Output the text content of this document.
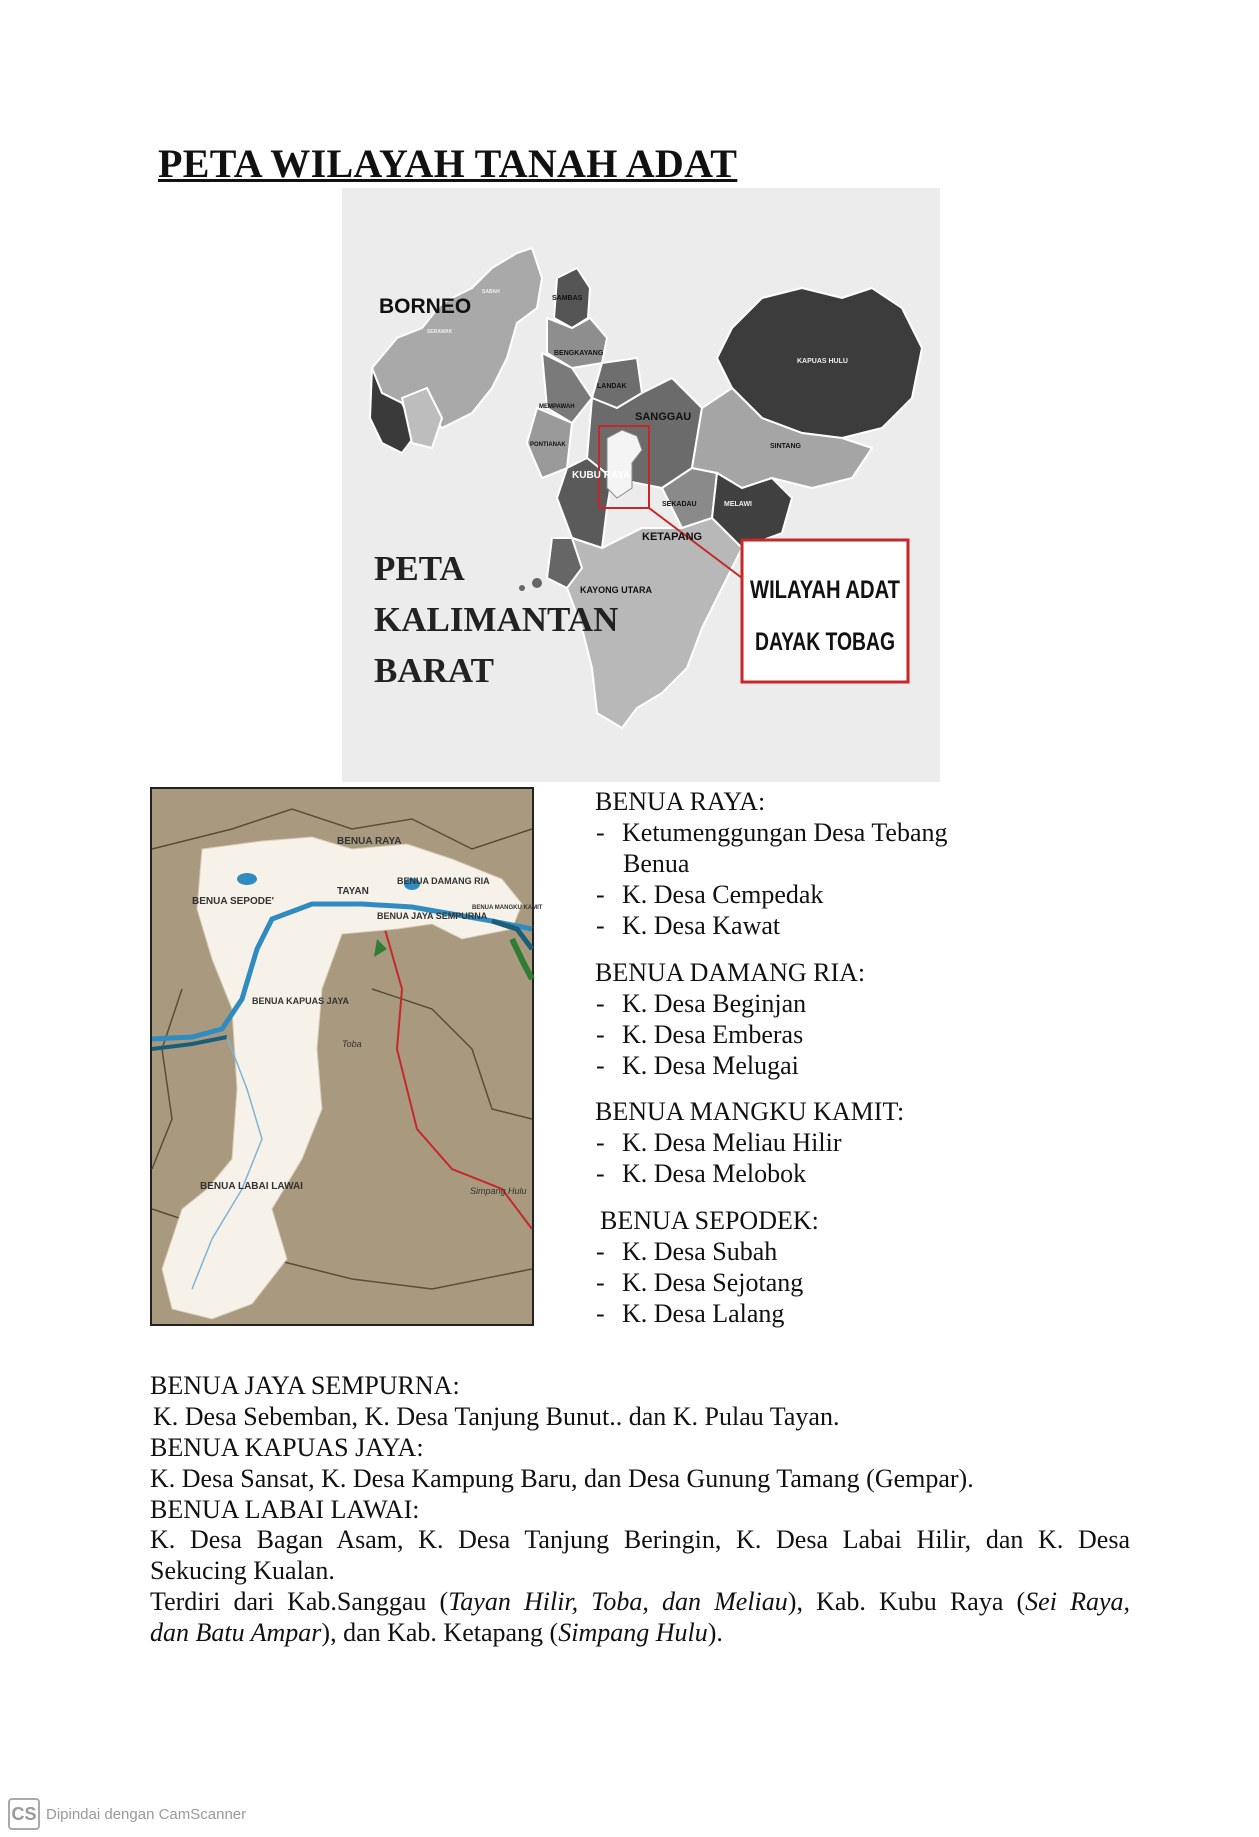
PETA WILAYAH TANAH ADAT
BORNEO
SABAH
SERAWAK
SAMBAS
BENGKAYANG
LANDAK
MEMPAWAH
PONTIANAK
SANGGAU
KUBU RAYA
SEKADAU
KETAPANG
KAYONG UTARA
KAPUAS HULU
SINTANG
MELAWI
PETA
KALIMANTAN
BARAT
WILAYAH ADAT
DAYAK TOBAG
BENUA RAYA
TAYAN
BENUA DAMANG RIA
BENUA SEPODE'
BENUA JAYA SEMPURNA
BENUA MANGKU KAMIT
BENUA KAPUAS JAYA
Toba
BENUA LABAI LAWAI	Simpang Hulu
BENUA RAYA:
- Ketumenggungan Desa Tebang
Benua
- K. Desa Cempedak
- K. Desa Kawat
BENUA DAMANG RIA:
- K. Desa Beginjan
- K. Desa Emberas
- K. Desa Melugai
BENUA MANGKU KAMIT:
- K. Desa Meliau Hilir
- K. Desa Melobok
BENUA SEPODEK:
- K. Desa Subah
- K. Desa Sejotang
- K. Desa Lalang
BENUA JAYA SEMPURNA:
K. Desa Sebemban, K. Desa Tanjung Bunut.. dan K. Pulau Tayan.
BENUA KAPUAS JAYA:
K. Desa Sansat, K. Desa Kampung Baru, dan Desa Gunung Tamang (Gempar).
BENUA LABAI LAWAI:
K. Desa Bagan Asam, K. Desa Tanjung Beringin, K. Desa Labai Hilir, dan K. Desa
Sekucing Kualan.
Terdiri dari Kab.Sanggau (Tayan Hilir, Toba, dan Meliau), Kab. Kubu Raya (Sei Raya,
dan Batu Ampar), dan Kab. Ketapang (Simpang Hulu).
CS Dipindai dengan CamScanner
